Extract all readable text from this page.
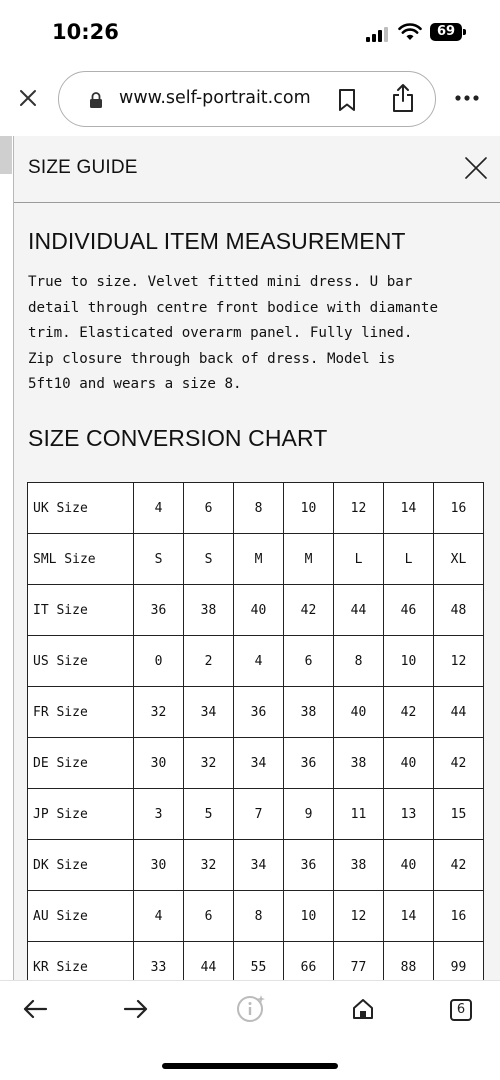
10:26	69
www.self-portrait.com
SIZE GUIDE
INDIVIDUAL ITEM MEASUREMENT
True to size. Velvet fitted mini dress. U bar
detail through centre front bodice with diamante
trim. Elasticated overarm panel. Fully lined.
Zip closure through back of dress. Model is
5ft10 and wears a size 8.
SIZE CONVERSION CHART
UK Size	4	6	8	10	12	14	16
SML Size	S	S	M	M	L	L	XL
IT Size	36	38	40	42	44	46	48
US Size	0	2	4	6	8	10	12
FR Size	32	34	36	38	40	42	44
DE Size	30	32	34	36	38	40	42
JP Size	3	5	7	9	11	13	15
DK Size	30	32	34	36	38	40	42
AU Size	4	6	8	10	12	14	16
KR Size	33	44	55	66	77	88	99
6
